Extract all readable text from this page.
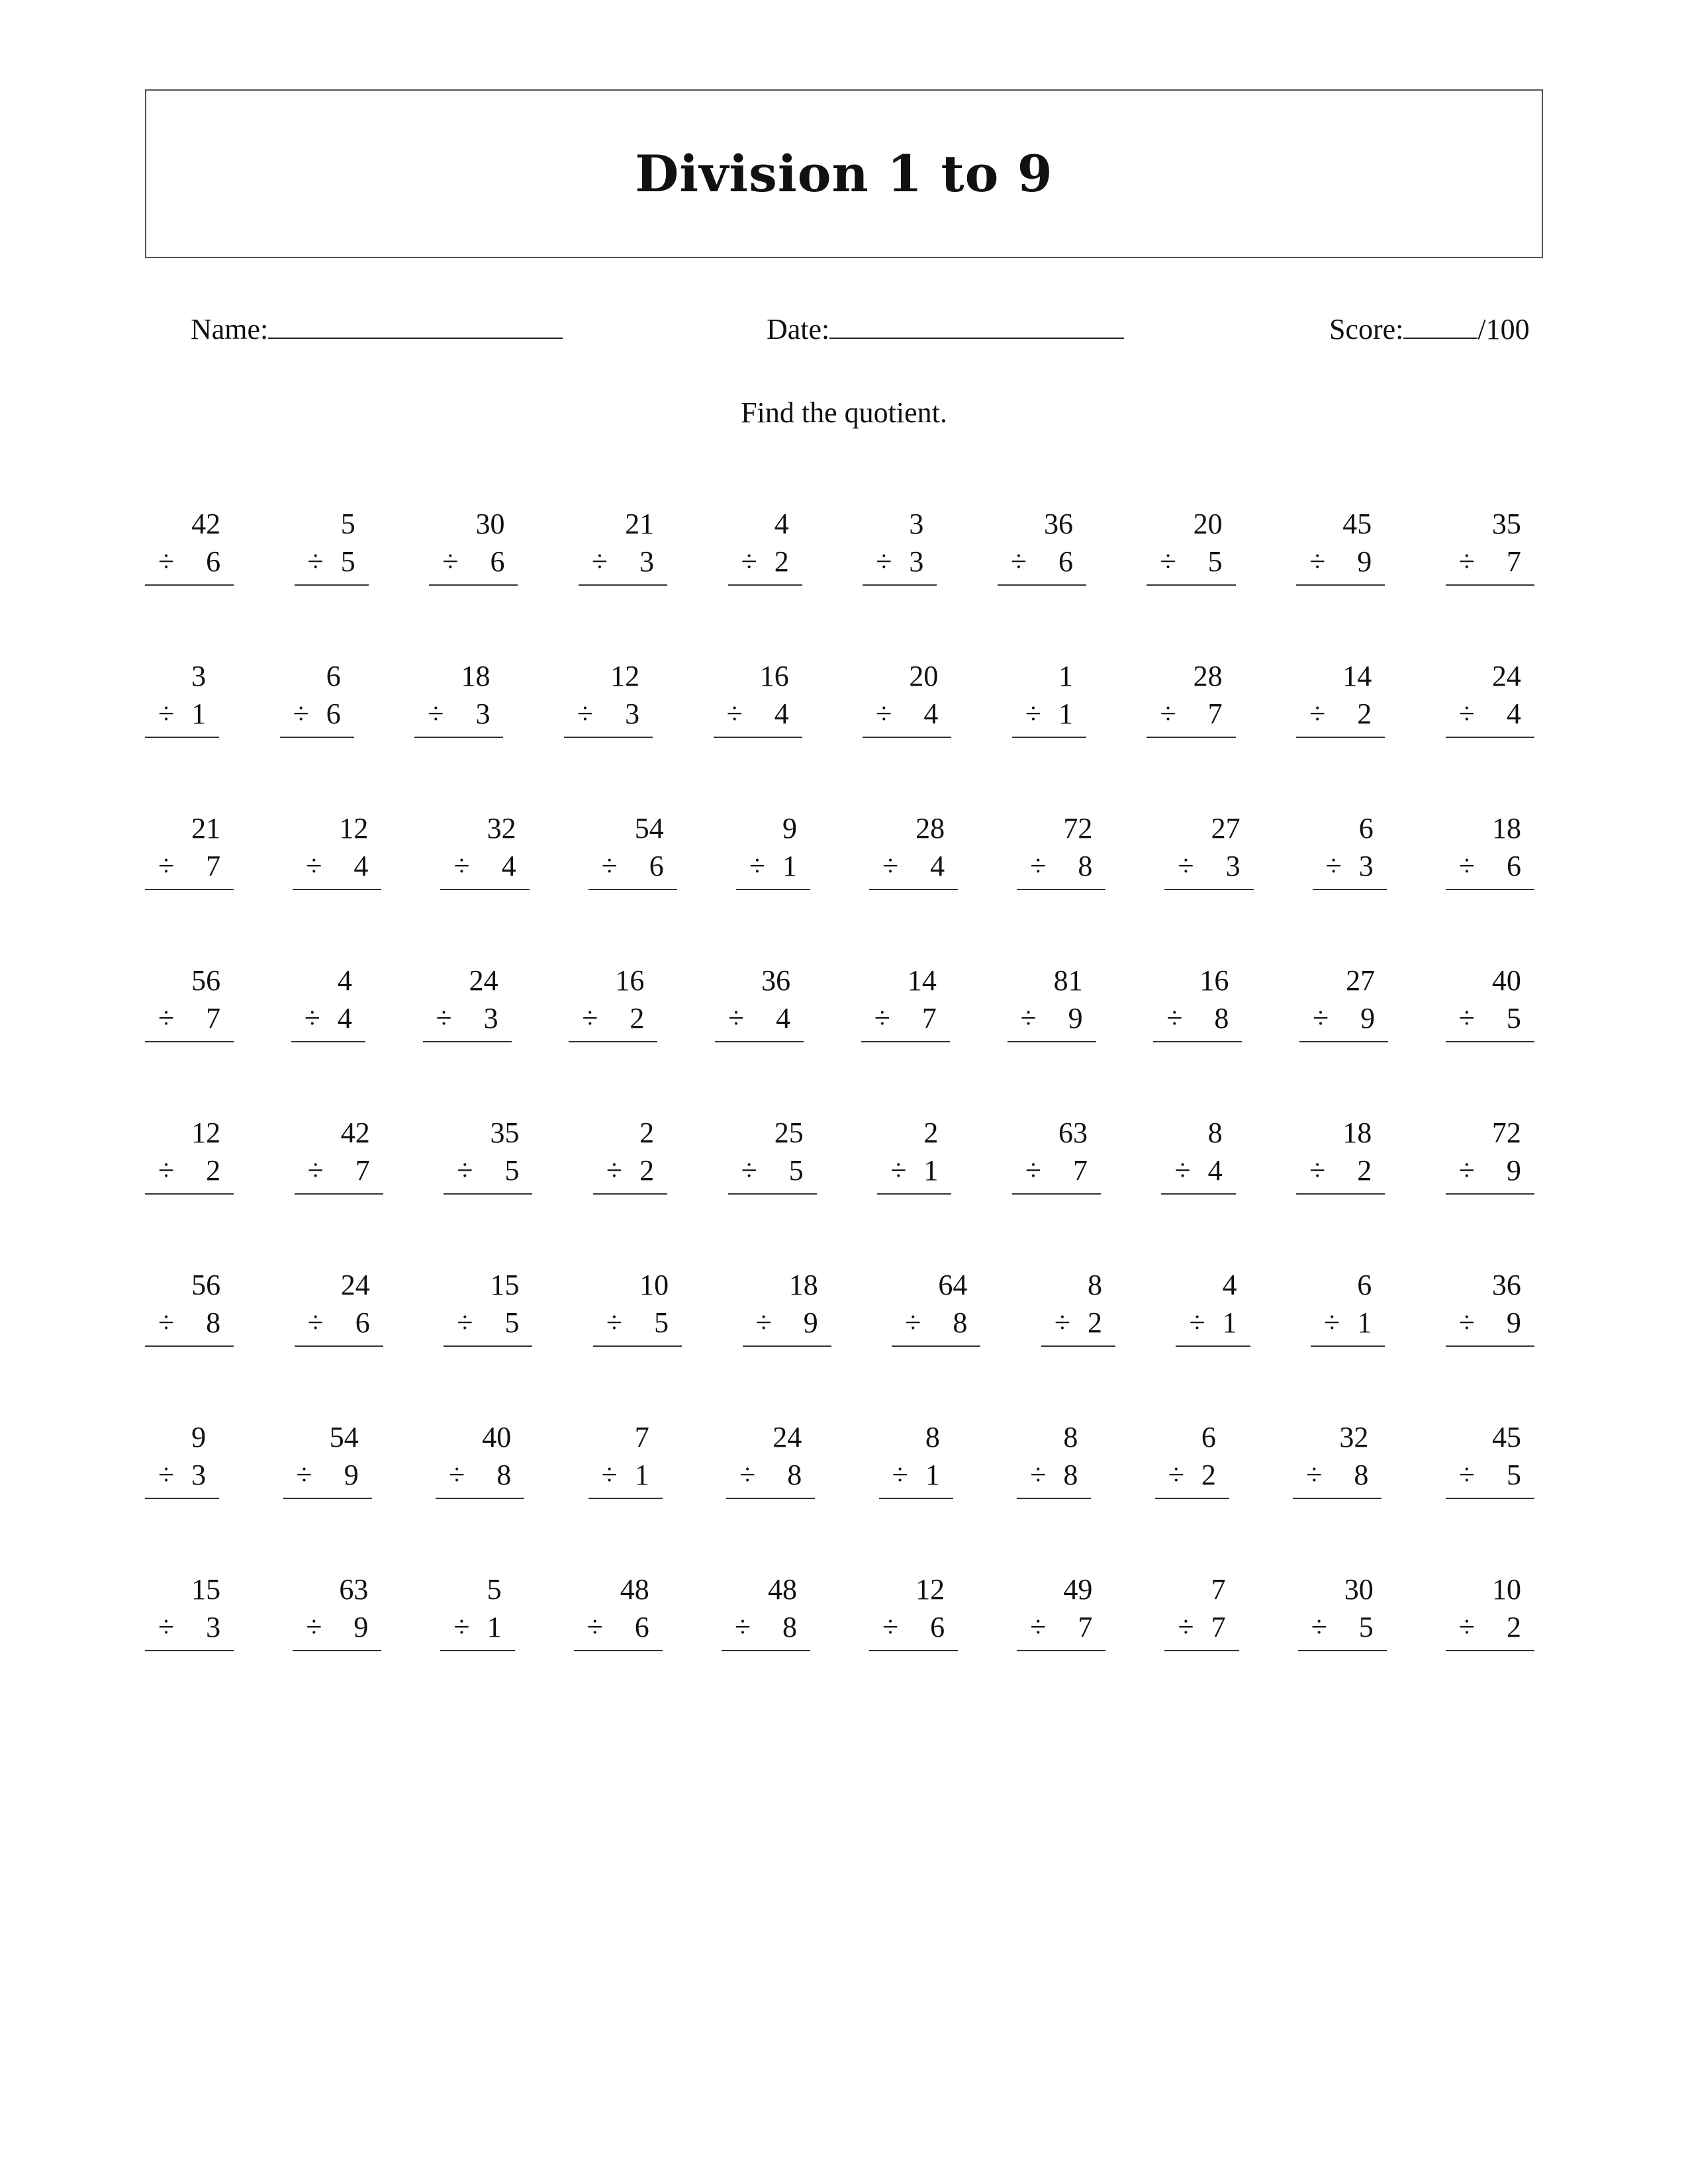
Division 1 to 9
Name:	Date:	Score:	/100
Find the quotient.
42
÷	6
5
÷ 5
30
÷	6
21
÷	3
4
÷ 2
3
÷ 3
36
÷	6
20
÷	5
45
÷	9
35
÷	7
3
÷ 1
6
÷ 6
18
÷	3
12
÷	3
16
÷	4
20
÷	4
1
÷ 1
28
÷	7
14
÷	2
24
÷	4
21
÷	7
12
÷	4
32
÷	4
54
÷	6
9
÷ 1
28
÷	4
72
÷	8
27
÷	3
6
÷ 3
18
÷	6
56
÷	7
4
÷ 4
24
÷	3
16
÷	2
36
÷	4
14
÷	7
81
÷	9
16
÷	8
27
÷	9
40
÷	5
12
÷	2
42
÷	7
35
÷	5
2
÷ 2
25
÷	5
2
÷ 1
63
÷	7
8
÷ 4
18
÷	2
72
÷	9
56
÷	8
24
÷	6
15
÷	5
10
÷	5
18
÷	9
64
÷	8
8
÷ 2
4
÷ 1
6
÷ 1
36
÷	9
9
÷ 3
54
÷	9
40
÷	8
7
÷ 1
24
÷	8
8
÷ 1
8
÷ 8
6
÷ 2
32
÷	8
45
÷	5
15
÷	3
63
÷	9
5
÷ 1
48
÷	6
48
÷	8
12
÷	6
49
÷	7
7
÷ 7
30
÷	5
10
÷	2
